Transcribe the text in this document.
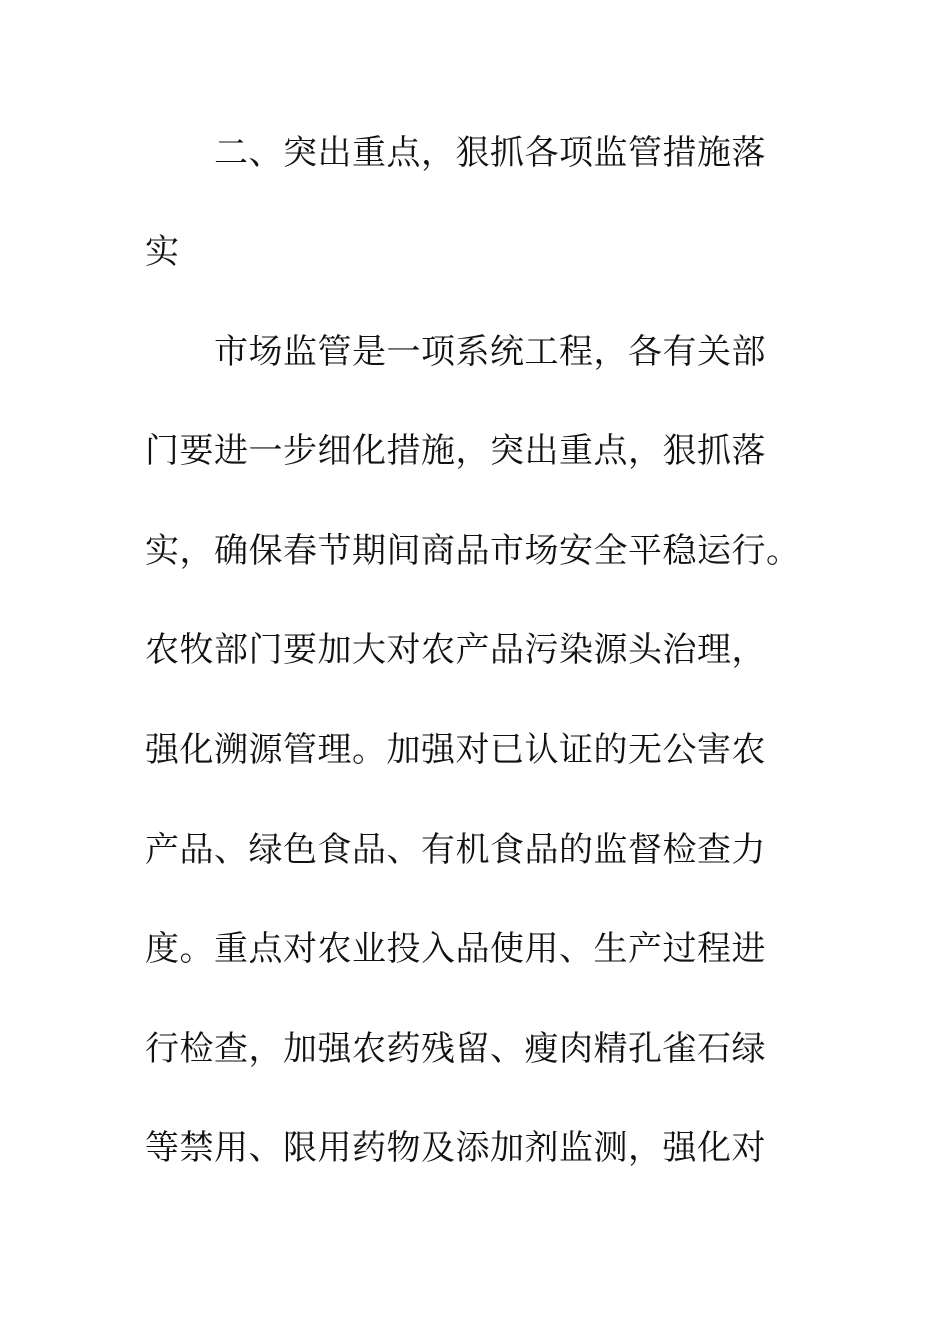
二、突出重点，狠抓各项监管措施落
实
市场监管是一项系统工程，各有关部
门要进一步细化措施，突出重点，狠抓落
实，确保春节期间商品市场安全平稳运行。
农牧部门要加大对农产品污染源头治理，
强化溯源管理。加强对已认证的无公害农
产品、绿色食品、有机食品的监督检查力
度。重点对农业投入品使用、生产过程进
行检查，加强农药残留、瘦肉精孔雀石绿
等禁用、限用药物及添加剂监测，强化对
